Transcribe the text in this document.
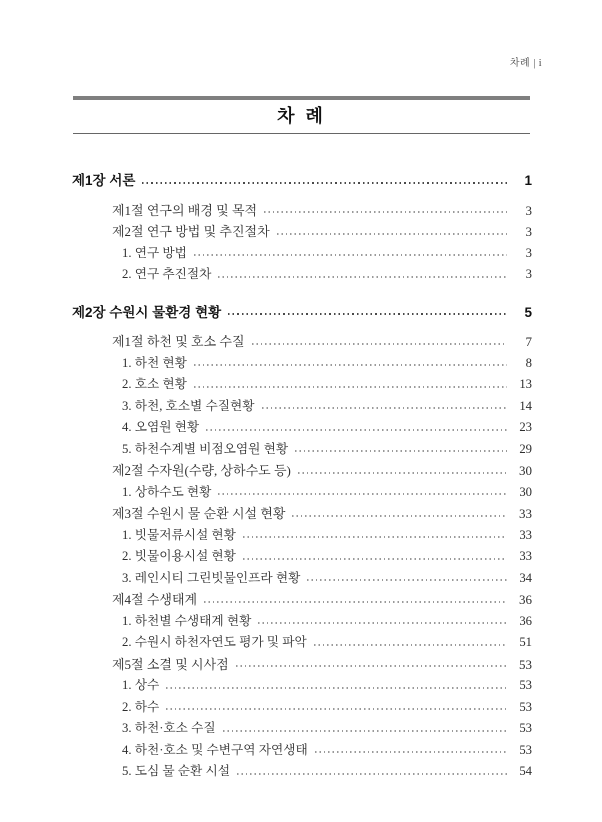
차례 | i
차 례
제1장 서론	1
제1절 연구의 배경 및 목적	3
제2절 연구 방법 및 추진절차	3
1. 연구 방법	3
2. 연구 추진절차	3
제2장 수원시 물환경 현황	5
제1절 하천 및 호소 수질	7
1. 하천 현황	8
2. 호소 현황	13
3. 하천, 호소별 수질현황	14
4. 오염원 현황	23
5. 하천수계별 비점오염원 현황	29
제2절 수자원(수량, 상하수도 등)	30
1. 상하수도 현황	30
제3절 수원시 물 순환 시설 현황	33
1. 빗물저류시설 현황	33
2. 빗물이용시설 현황	33
3. 레인시티 그린빗물인프라 현황	34
제4절 수생태계	36
1. 하천별 수생태계 현황	36
2. 수원시 하천자연도 평가 및 파악	51
제5절 소결 및 시사점	53
1. 상수	53
2. 하수	53
3. 하천·호소 수질	53
4. 하천·호소 및 수변구역 자연생태	53
5. 도심 물 순환 시설	54
